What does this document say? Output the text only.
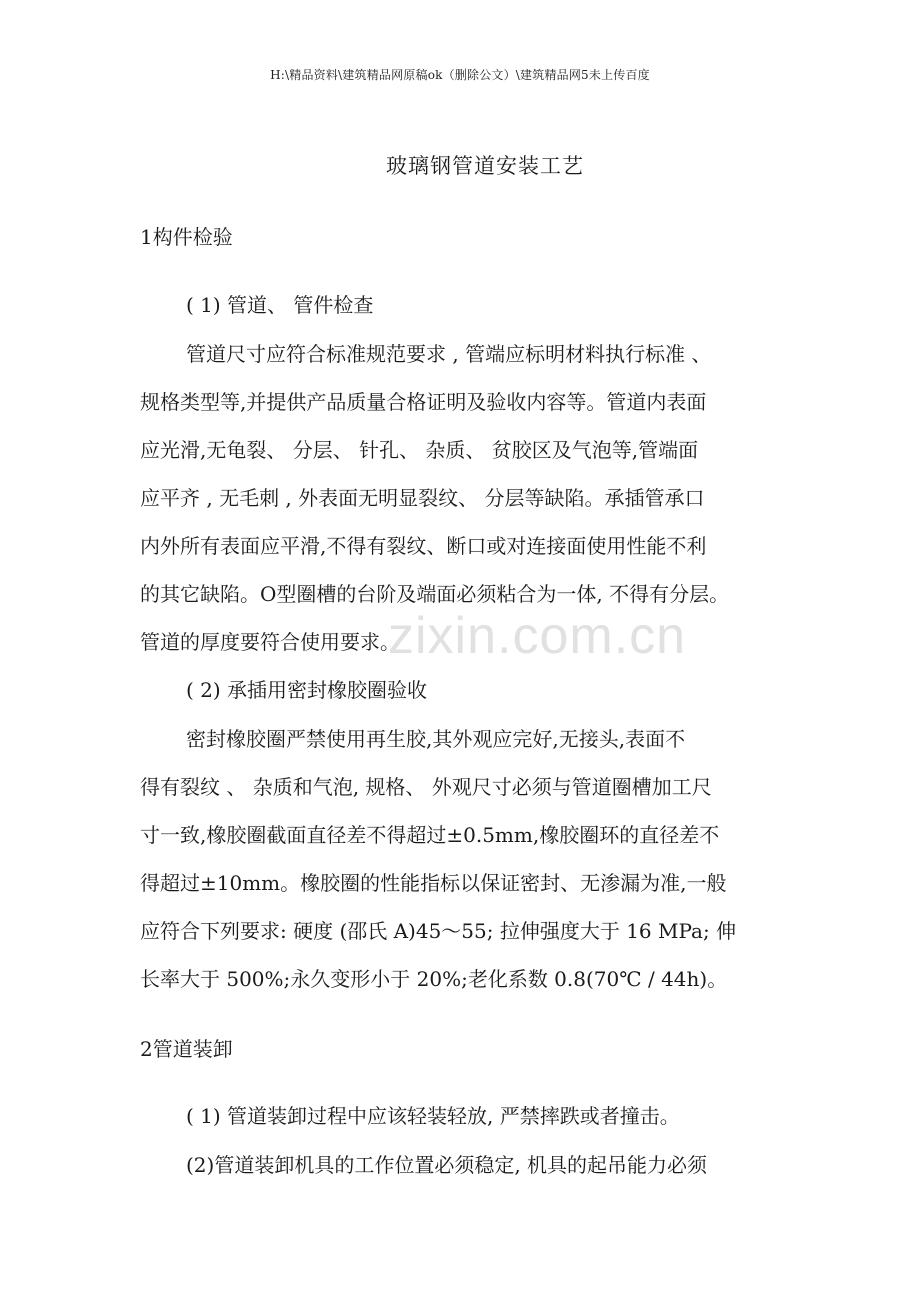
H:\精品资料\建筑精品网原稿ok（删除公文）\建筑精品网5未上传百度
玻璃钢管道安装工艺
1构件检验
( 1) 管道、 管件检查
管道尺寸应符合标准规范要求 , 管端应标明材料执行标准 、
规格类型等,并提供产品质量合格证明及验收内容等。管道内表面
应光滑,无龟裂、 分层、 针孔、 杂质、 贫胶区及气泡等,管端面
应平齐 , 无毛刺 , 外表面无明显裂纹、 分层等缺陷。承插管承口
内外所有表面应平滑,不得有裂纹、断口或对连接面使用性能不利
的其它缺陷。O型圈槽的台阶及端面必须粘合为一体, 不得有分层。
管道的厚度要符合使用要求。
( 2) 承插用密封橡胶圈验收
密封橡胶圈严禁使用再生胶,其外观应完好,无接头,表面不
得有裂纹 、 杂质和气泡, 规格、 外观尺寸必须与管道圈槽加工尺
寸一致,橡胶圈截面直径差不得超过±0.5mm,橡胶圈环的直径差不
得超过±10mm。橡胶圈的性能指标以保证密封、无渗漏为准,一般
应符合下列要求: 硬度 (邵氏 A)45～55; 拉伸强度大于 16 MPa; 伸
长率大于 500%;永久变形小于 20%;老化系数 0.8(70℃ / 44h)。
2管道装卸
( 1) 管道装卸过程中应该轻装轻放, 严禁摔跌或者撞击。
(2)管道装卸机具的工作位置必须稳定, 机具的起吊能力必须
zixin.com.cn
